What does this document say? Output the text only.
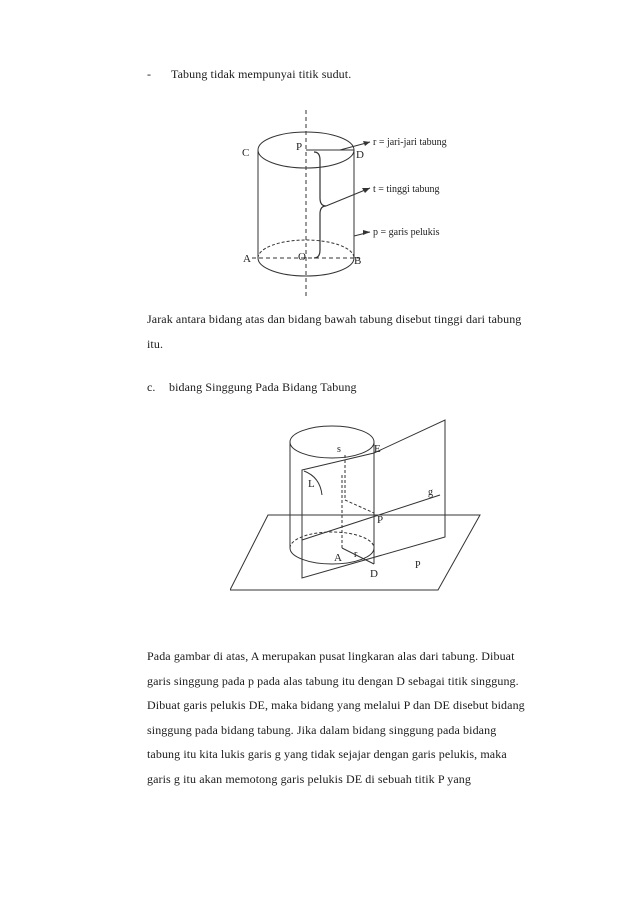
- Tabung tidak mempunyai titik sudut.
C	P
D
A	O	B
r = jari-jari tabung
t = tinggi tabung
p = garis pelukis
Jarak antara bidang atas dan bidang bawah tabung disebut tinggi dari tabung
itu.
c. bidang Singgung Pada Bidang Tabung
s	E
L
g
P
A r
D
P
Pada gambar di atas, A merupakan pusat lingkaran alas dari tabung. Dibuat
garis singgung pada p pada alas tabung itu dengan D sebagai titik singgung.
Dibuat garis pelukis DE, maka bidang yang melalui P dan DE disebut bidang
singgung pada bidang tabung. Jika dalam bidang singgung pada bidang
tabung itu kita lukis garis g yang tidak sejajar dengan garis pelukis, maka
garis g itu akan memotong garis pelukis DE di sebuah titik P yang
